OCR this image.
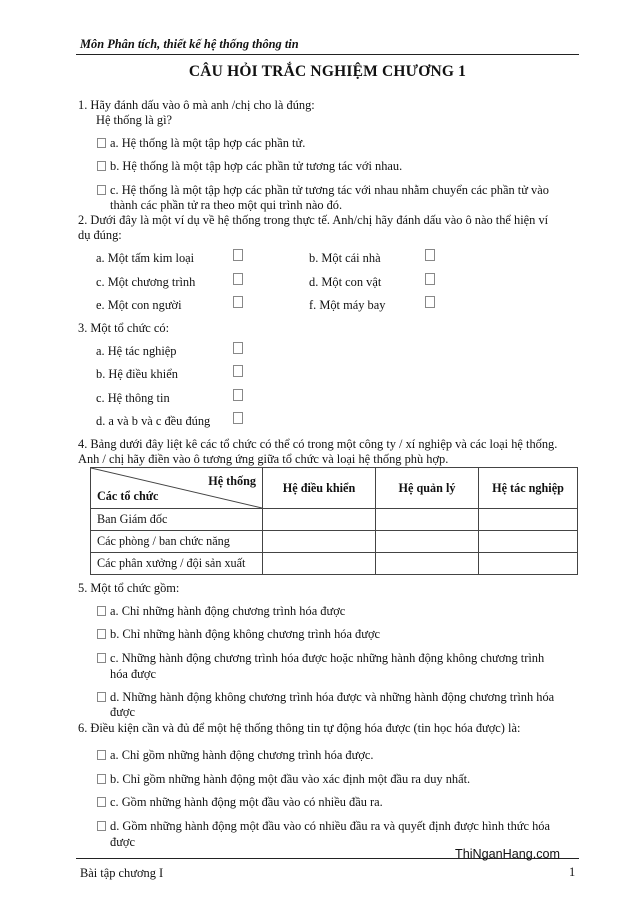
Môn Phân tích, thiết kế hệ thống thông tin
CÂU HỎI TRẮC NGHIỆM CHƯƠNG 1
1. Hãy đánh dấu vào ô mà anh /chị cho là đúng:
Hệ thống là gì?
a. Hệ thống là một tập hợp các phần tử.
b. Hệ thống là một tập hợp các phần tử tương tác với nhau.
c. Hệ thống là một tập hợp các phần tử tương tác với nhau nhằm chuyển các phần tử vào
thành các phần tử ra theo một qui trình nào đó.
2. Dưới đây là một ví dụ về hệ thống trong thực tế. Anh/chị hãy đánh dấu vào ô nào thể hiện ví
dụ đúng:
a. Một tấm kim loại	b. Một cái nhà
c. Một chương trình	d. Một con vật
e. Một con người	f. Một máy bay
3. Một tổ chức có:
a. Hệ tác nghiệp
b. Hệ điều khiển
c. Hệ thông tin
d. a và b và c đều đúng
4. Bảng dưới đây liệt kê các tổ chức có thể có trong một công ty / xí nghiệp và các loại hệ thống.
Anh / chị hãy điền vào ô tương ứng giữa tổ chức và loại hệ thống phù hợp.
Hệ thống
Các tổ chức	Hệ điều khiển	Hệ quản lý	Hệ tác nghiệp
Ban Giám đốc			
Các phòng / ban chức năng			
Các phân xưởng / đội sản xuất			
5. Một tổ chức gồm:
a. Chỉ những hành động chương trình hóa được
b. Chỉ những hành động không chương trình hóa được
c. Những hành động chương trình hóa được hoặc những hành động không chương trình
hóa được
d. Những hành động không chương trình hóa được và những hành động chương trình hóa
được
6. Điều kiện cần và đủ để một hệ thống thông tin tự động hóa được (tin học hóa được) là:
a. Chỉ gồm những hành động chương trình hóa được.
b. Chỉ gồm những hành động một đầu vào xác định một đầu ra duy nhất.
c. Gồm những hành động một đầu vào có nhiều đầu ra.
d. Gồm những hành động một đầu vào có nhiều đầu ra và quyết định được hình thức hóa
được
ThiNganHang.com
Bài tập chương I	1
